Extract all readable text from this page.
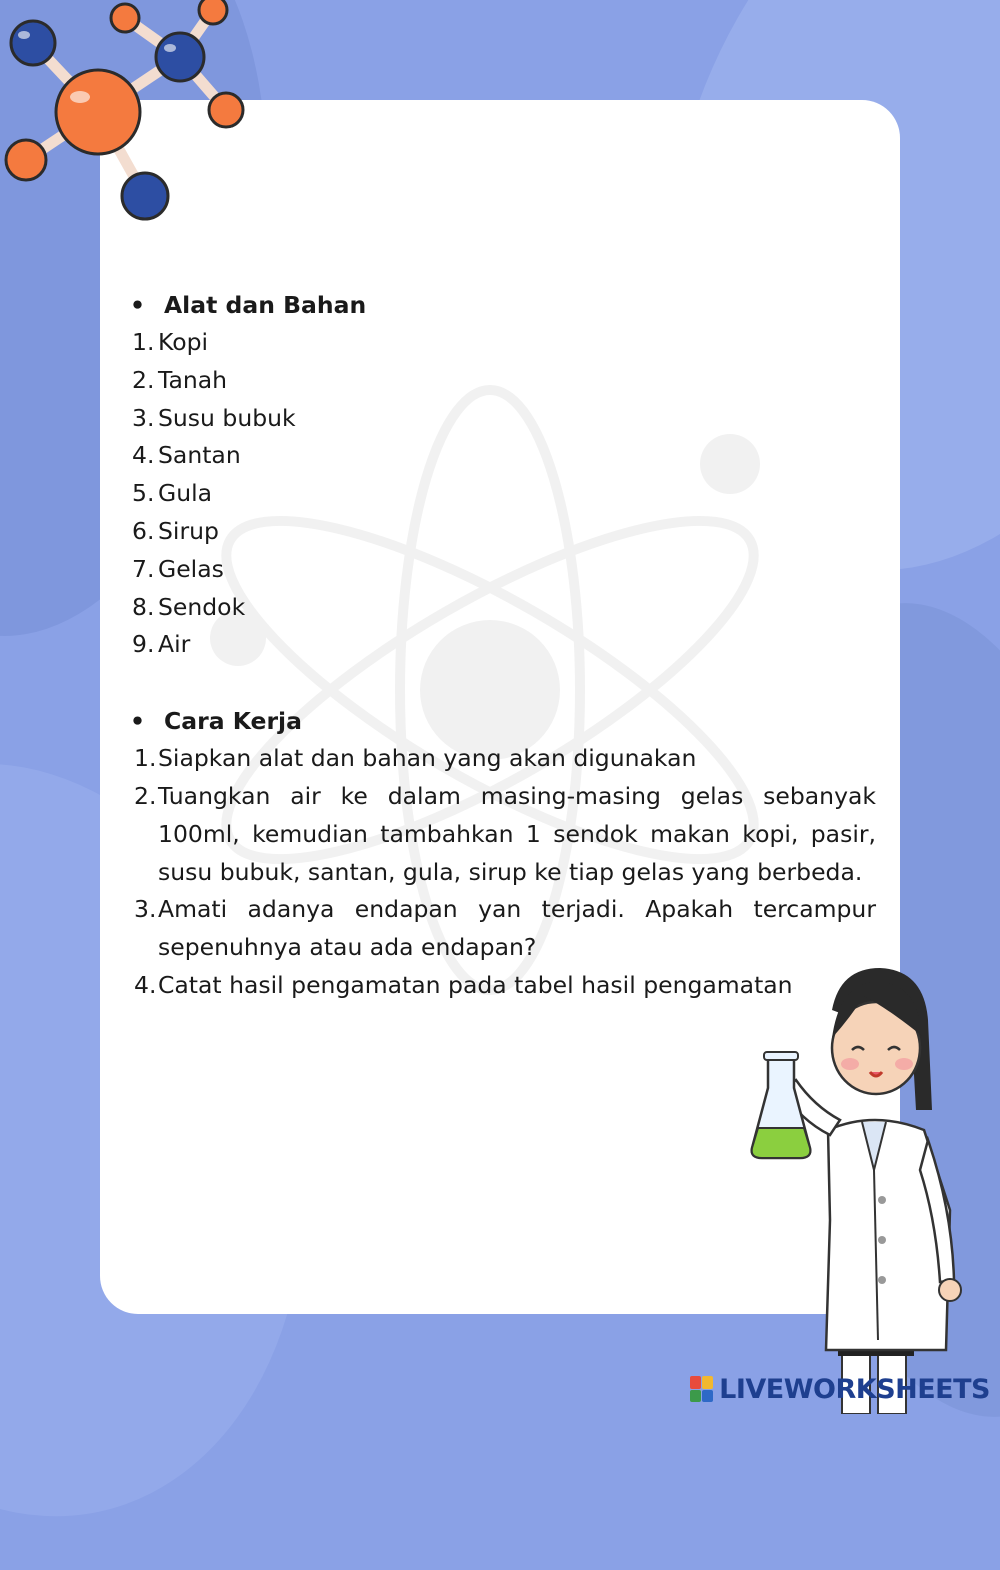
• Alat dan Bahan
1. Kopi
2. Tanah
3. Susu bubuk
4. Santan
5. Gula
6. Sirup
7. Gelas
8. Sendok
9. Air
• Cara Kerja
1. Siapkan alat dan bahan yang akan digunakan
2. Tuangkan air ke dalam masing-masing gelas sebanyak 100ml, kemudian tambahkan 1 sendok makan kopi, pasir, susu bubuk, santan, gula, sirup ke tiap gelas yang berbeda.
3. Amati adanya endapan yan terjadi. Apakah tercampur sepenuhnya atau ada endapan?
4. Catat hasil pengamatan pada tabel hasil pengamatan
LIVEWORKSHEETS
